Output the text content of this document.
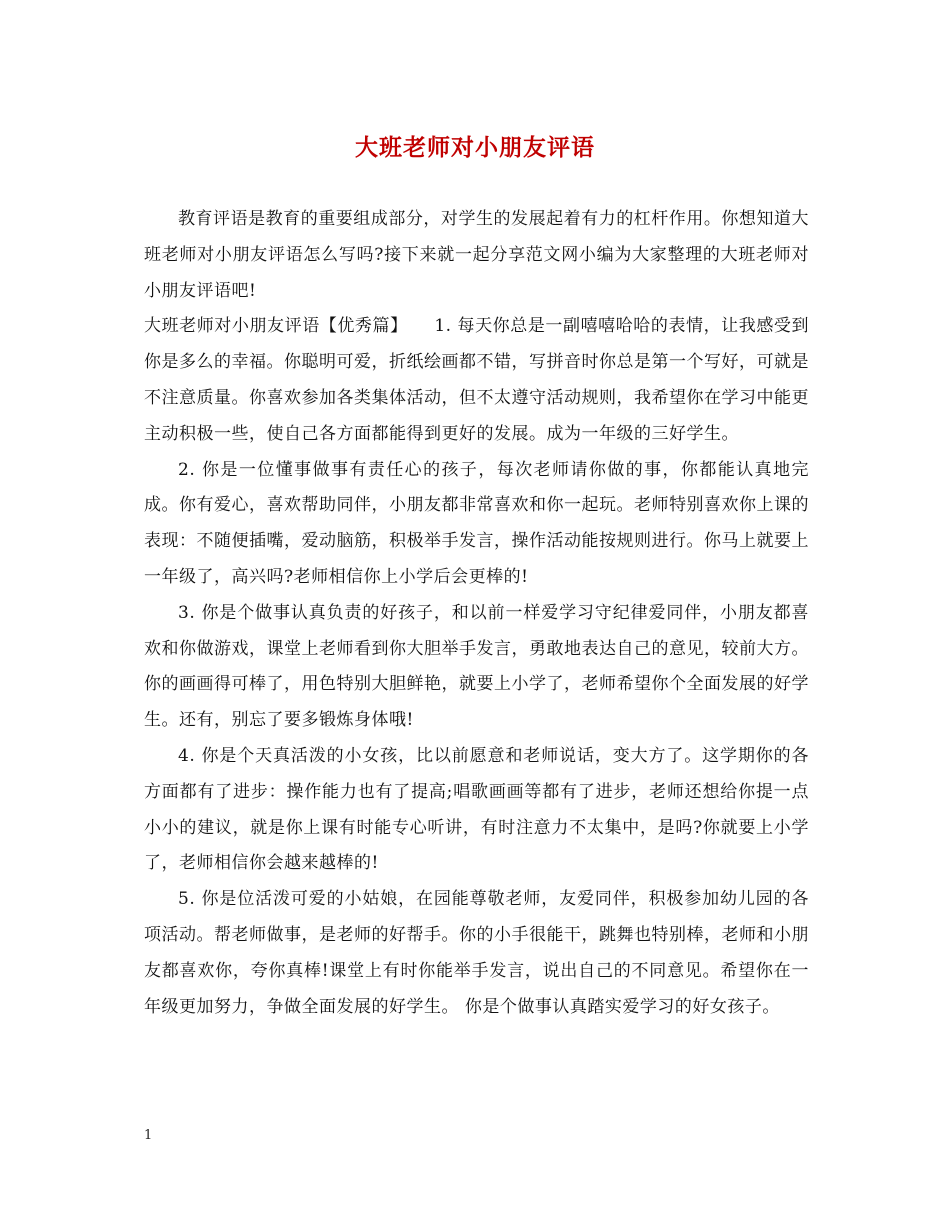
大班老师对小朋友评语

教育评语是教育的重要组成部分，对学生的发展起着有力的杠杆作用。你想知道大班老师对小朋友评语怎么写吗?接下来就一起分享范文网小编为大家整理的大班老师对小朋友评语吧!

大班老师对小朋友评语【优秀篇】　　1. 每天你总是一副嘻嘻哈哈的表情，让我感受到你是多么的幸福。你聪明可爱，折纸绘画都不错，写拼音时你总是第一个写好，可就是不注意质量。你喜欢参加各类集体活动，但不太遵守活动规则，我希望你在学习中能更主动积极一些，使自己各方面都能得到更好的发展。成为一年级的三好学生。

2. 你是一位懂事做事有责任心的孩子，每次老师请你做的事，你都能认真地完成。你有爱心，喜欢帮助同伴，小朋友都非常喜欢和你一起玩。老师特别喜欢你上课的表现：不随便插嘴，爱动脑筋，积极举手发言，操作活动能按规则进行。你马上就要上一年级了，高兴吗?老师相信你上小学后会更棒的!

3. 你是个做事认真负责的好孩子，和以前一样爱学习守纪律爱同伴，小朋友都喜欢和你做游戏，课堂上老师看到你大胆举手发言，勇敢地表达自己的意见，较前大方。你的画画得可棒了，用色特别大胆鲜艳，就要上小学了，老师希望你个全面发展的好学生。还有，别忘了要多锻炼身体哦!

4. 你是个天真活泼的小女孩，比以前愿意和老师说话，变大方了。这学期你的各方面都有了进步：操作能力也有了提高;唱歌画画等都有了进步，老师还想给你提一点小小的建议，就是你上课有时能专心听讲，有时注意力不太集中，是吗?你就要上小学了，老师相信你会越来越棒的!

5. 你是位活泼可爱的小姑娘，在园能尊敬老师，友爱同伴，积极参加幼儿园的各项活动。帮老师做事，是老师的好帮手。你的小手很能干，跳舞也特别棒，老师和小朋友都喜欢你，夸你真棒!课堂上有时你能举手发言，说出自己的不同意见。希望你在一年级更加努力，争做全面发展的好学生。 你是个做事认真踏实爱学习的好女孩子。

1
